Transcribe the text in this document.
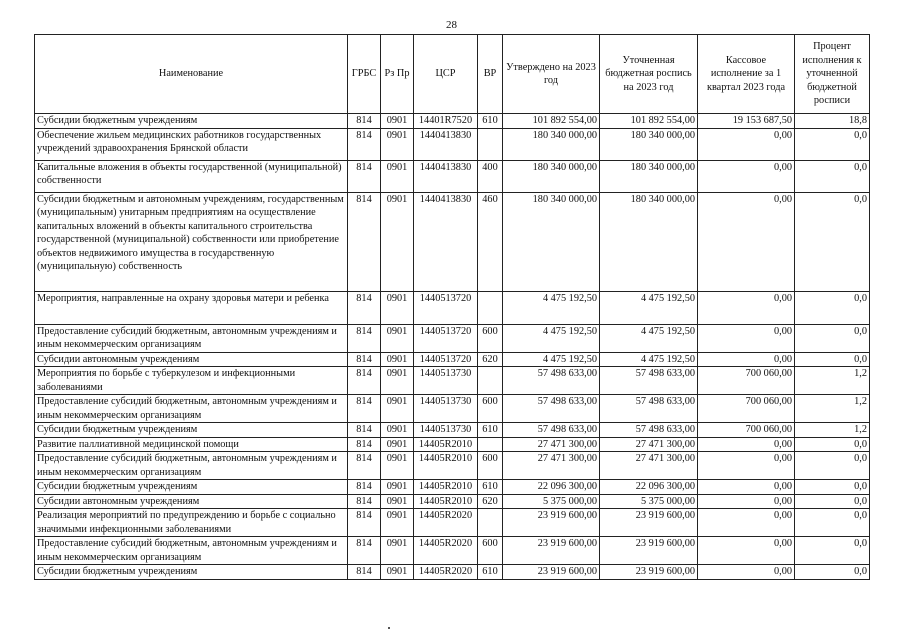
28
Наименование	ГРБС	Рз Пр	ЦСР	ВР	Утверждено на 2023 год	Уточненная бюджетная роспись на 2023 год	Кассовое исполнение за 1 квартал 2023 года	Процент исполнения к уточненной бюджетной росписи
Субсидии бюджетным учреждениям	814	0901	14401R7520	610	101 892 554,00	101 892 554,00	19 153 687,50	18,8
Обеспечение жильем медицинских работников государственных учреждений здравоохранения Брянской области	814	0901	1440413830		180 340 000,00	180 340 000,00	0,00	0,0
Капитальные вложения в объекты государственной (муниципальной) собственности	814	0901	1440413830	400	180 340 000,00	180 340 000,00	0,00	0,0
Субсидии бюджетным и автономным учреждениям, государственным (муниципальным) унитарным предприятиям на осуществление капитальных вложений в объекты капитального строительства государственной (муниципальной) собственности или приобретение объектов недвижимого имущества в государственную (муниципальную) собственность	814	0901	1440413830	460	180 340 000,00	180 340 000,00	0,00	0,0
Мероприятия, направленные на охрану здоровья матери и ребенка	814	0901	1440513720		4 475 192,50	4 475 192,50	0,00	0,0
Предоставление субсидий бюджетным, автономным учреждениям и иным некоммерческим организациям	814	0901	1440513720	600	4 475 192,50	4 475 192,50	0,00	0,0
Субсидии автономным учреждениям	814	0901	1440513720	620	4 475 192,50	4 475 192,50	0,00	0,0
Мероприятия по борьбе с туберкулезом и инфекционными заболеваниями	814	0901	1440513730		57 498 633,00	57 498 633,00	700 060,00	1,2
Предоставление субсидий бюджетным, автономным учреждениям и иным некоммерческим организациям	814	0901	1440513730	600	57 498 633,00	57 498 633,00	700 060,00	1,2
Субсидии бюджетным учреждениям	814	0901	1440513730	610	57 498 633,00	57 498 633,00	700 060,00	1,2
Развитие паллиативной медицинской помощи	814	0901	14405R2010		27 471 300,00	27 471 300,00	0,00	0,0
Предоставление субсидий бюджетным, автономным учреждениям и иным некоммерческим организациям	814	0901	14405R2010	600	27 471 300,00	27 471 300,00	0,00	0,0
Субсидии бюджетным учреждениям	814	0901	14405R2010	610	22 096 300,00	22 096 300,00	0,00	0,0
Субсидии автономным учреждениям	814	0901	14405R2010	620	5 375 000,00	5 375 000,00	0,00	0,0
Реализация мероприятий по предупреждению и борьбе с социально значимыми инфекционными заболеваниями	814	0901	14405R2020		23 919 600,00	23 919 600,00	0,00	0,0
Предоставление субсидий бюджетным, автономным учреждениям и иным некоммерческим организациям	814	0901	14405R2020	600	23 919 600,00	23 919 600,00	0,00	0,0
Субсидии бюджетным учреждениям	814	0901	14405R2020	610	23 919 600,00	23 919 600,00	0,00	0,0
